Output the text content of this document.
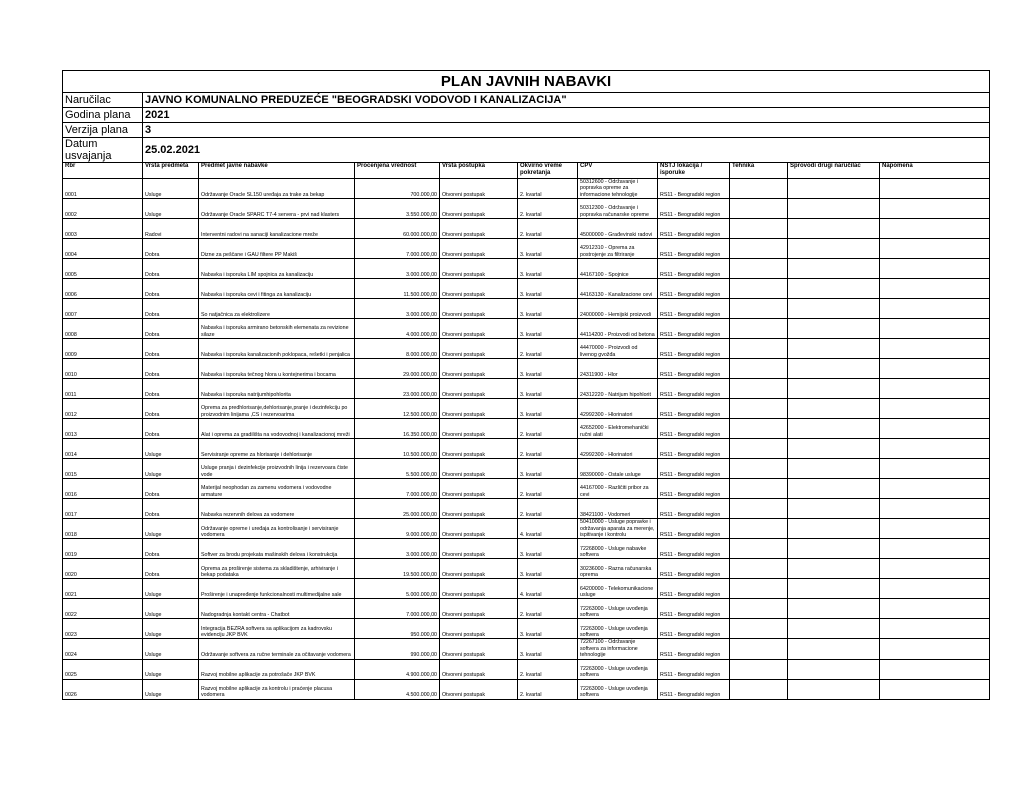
PLAN JAVNIH NABAVKI										
Naručilac	JAVNO KOMUNALNO PREDUZEĆE "BEOGRADSKI VODOVOD I KANALIZACIJA"									
Godina plana	2021									
Verzija plana	3									
Datum usvajanja	25.02.2021									
Rbr	Vrsta predmeta	Predmet javne nabavke	Procenjena vrednost	Vrsta postupka	Okvirno vreme pokretanja	CPV	NSTJ lokacija / isporuke	Tehnika	Sprovodi drugi naručilac	Napomena
0001	Usluge	Održavanje Oracle SL150 uređaja za trake za bekap	700.000,00	Otvoreni postupak	2. kvartal	50312600 - Održavanje i popravka opreme za informacione tehnologije	RS11 - Beogradski region			
0002	Usluge	Održavanje Oracle SPARC T7-4 servera - prvi nad klasters	3.550.000,00	Otvoreni postupak	2. kvartal	50312300 - Održavanje i popravka računarske opreme	RS11 - Beogradski region			
0003	Radovi	Interventni radovi na sanaciji kanalizacione mreže	60.000.000,00	Otvoreni postupak	2. kvartal	45000000 - Građevinski radovi	RS11 - Beogradski region			
0004	Dobra	Dizne za peščane i GAU filtere PP Makiš	7.000.000,00	Otvoreni postupak	3. kvartal	42912310 - Oprema za postrojenje za filtriranje	RS11 - Beogradski region			
0005	Dobra	Nabavka i isporuka LIM spojnica za kanalizaciju	3.000.000,00	Otvoreni postupak	3. kvartal	44167100 - Spojnice	RS11 - Beogradski region			
0006	Dobra	Nabavka i isporuka cevi i fitinga za kanalizaciju	11.500.000,00	Otvoreni postupak	3. kvartal	44163130 - Kanalizacione cevi	RS11 - Beogradski region			
0007	Dobra	So natjačnica za elektrolizere	3.000.000,00	Otvoreni postupak	3. kvartal	24000000 - Hemijski proizvodi	RS11 - Beogradski region			
0008	Dobra	Nabavka i isporuka armirano betonskih elemenata za revizione silaze	4.000.000,00	Otvoreni postupak	3. kvartal	44114200 - Proizvodi od betona	RS11 - Beogradski region			
0009	Dobra	Nabavka i isporuka kanalizacionih poklopaca, rešetki i penjalica	8.000.000,00	Otvoreni postupak	2. kvartal	44470000 - Proizvodi od livenog gvožđa	RS11 - Beogradski region			
0010	Dobra	Nabavka i isporuka tečnog hlora u kontejnerima i bocama	29.000.000,00	Otvoreni postupak	3. kvartal	24311900 - Hlor	RS11 - Beogradski region			
0011	Dobra	Nabavka i isporuka natrijumhipohlorita	23.000.000,00	Otvoreni postupak	3. kvartal	24312220 - Natrijum hipohlorit	RS11 - Beogradski region			
0012	Dobra	Oprema za predhlorisanje,dehlorisanje,pranje i dezinfekciju po proizvodnim linijama ,CS i rezervoarima	12.500.000,00	Otvoreni postupak	3. kvartal	42992300 - Hlorinatori	RS11 - Beogradski region			
0013	Dobra	Alat i oprema za gradilišta na vodovodnoj i kanalizacionoj mreži	16.350.000,00	Otvoreni postupak	2. kvartal	42652000 - Elektromehanički ručni alati	RS11 - Beogradski region			
0014	Usluge	Servisiranje opreme za hlorisanje i dehlorisanje	10.500.000,00	Otvoreni postupak	2. kvartal	42992300 - Hlorinatori	RS11 - Beogradski region			
0015	Usluge	Usluge pranja i dezinfekcije proizvodnih linija i rezervoara čiste vode	5.500.000,00	Otvoreni postupak	3. kvartal	98390000 - Ostale usluge	RS11 - Beogradski region			
0016	Dobra	Materijal neophodan za zamenu vodomera i vodovodne armature	7.000.000,00	Otvoreni postupak	2. kvartal	44167000 - Različiti pribor za cevi	RS11 - Beogradski region			
0017	Dobra	Nabavka rezervnih delova za vodomere	25.000.000,00	Otvoreni postupak	2. kvartal	38421100 - Vodomeri	RS11 - Beogradski region			
0018	Usluge	Održavanje opreme i uređaja za kontrolisanje i servisiranje vodomera	9.000.000,00	Otvoreni postupak	4. kvartal	50410000 - Usluge popravke i održavanja aparata za merenje, ispitivanje i kontrolu	RS11 - Beogradski region			
0019	Dobra	Softver za brodu projekata mašinskih delova i konstrukcija	3.000.000,00	Otvoreni postupak	3. kvartal	72268000 - Usluge nabavke softvera	RS11 - Beogradski region			
0020	Dobra	Oprema za proširenje sistema za skladištenje, arhiviranje i bekap podataka	19.500.000,00	Otvoreni postupak	3. kvartal	30236000 - Razna računarska oprema	RS11 - Beogradski region			
0021	Usluge	Proširenje i unapređenje funkcionalnosti multimedijalne sale	5.000.000,00	Otvoreni postupak	4. kvartal	64200000 - Telekomunikacione usluge	RS11 - Beogradski region			
0022	Usluge	Nadogradnja kontakt centra - Chatbot	7.000.000,00	Otvoreni postupak	2. kvartal	72263000 - Usluge uvođenja softvera	RS11 - Beogradski region			
0023	Usluge	Integracija BEZRA softvera sa aplikacijom za kadrovsku evidenciju JKP BVK	950.000,00	Otvoreni postupak	3. kvartal	72263000 - Usluge uvođenja softvera	RS11 - Beogradski region			
0024	Usluge	Održavanje softvera za ručne terminale za očitavanje vodomera	990.000,00	Otvoreni postupak	3. kvartal	72267100 - Održavanje softvera za informacione tehnologije	RS11 - Beogradski region			
0025	Usluge	Razvoj mobilne aplikacije za potrošače JKP BVK	4.900.000,00	Otvoreni postupak	2. kvartal	72263000 - Usluge uvođenja softvera	RS11 - Beogradski region			
0026	Usluge	Razvoj mobilne aplikacije za kontrolu i praćenje placusa vodomera	4.500.000,00	Otvoreni postupak	2. kvartal	72263000 - Usluge uvođenja softvera	RS11 - Beogradski region			
